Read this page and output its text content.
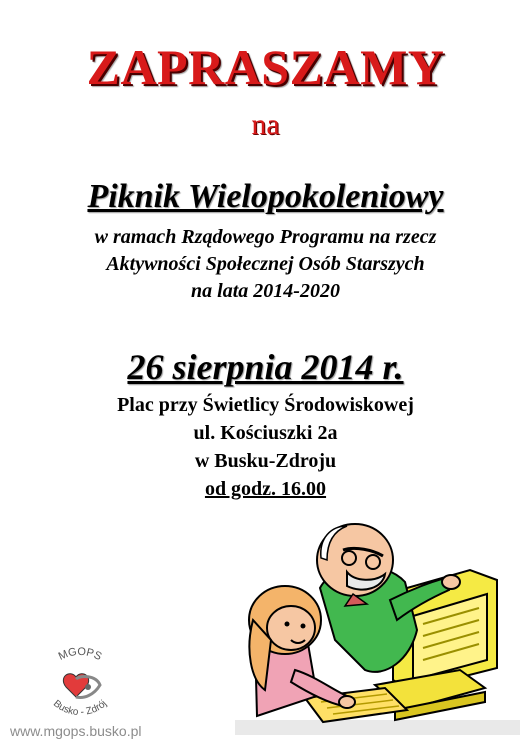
ZAPRASZAMY
na
Piknik Wielopokoleniowy
w ramach Rządowego Programu na rzecz
Aktywności Społecznej Osób Starszych
na lata 2014-2020
26 sierpnia 2014 r.
Plac przy Świetlicy Środowiskowej
ul. Kościuszki 2a
w Busku-Zdroju
od godz. 16.00
MGOPS
Busko - Zdrój
www.mgops.busko.pl
